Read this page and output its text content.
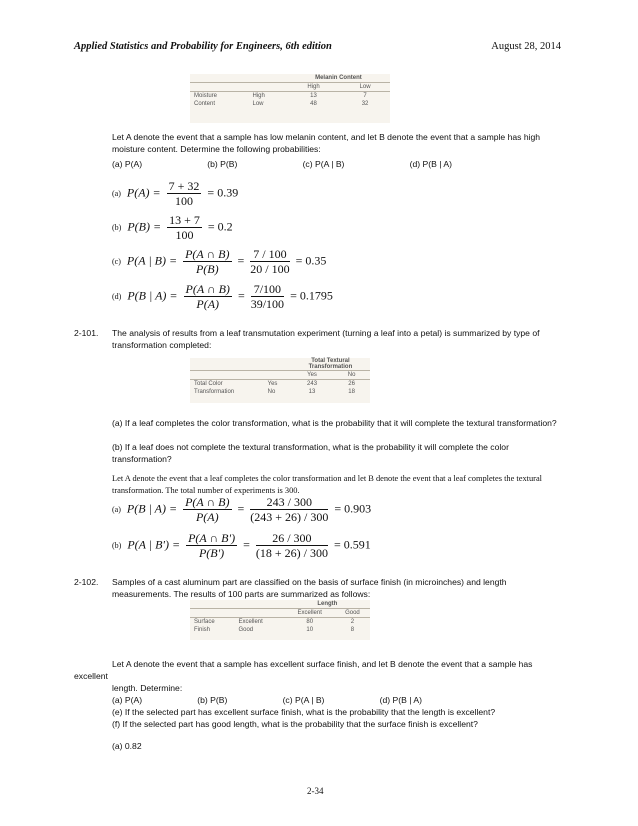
Applied Statistics and Probability for Engineers, 6th edition	August 28, 2014
		Melanin Content	
		High	Low
Moisture	High	13	7
Content	Low	48	32
Let A denote the event that a sample has low melanin content, and let B denote the event that a sample has high moisture content. Determine the following probabilities:
(a) P(A)	(b) P(B)	(c) P(A | B)	(d) P(B | A)
(a) $P(A) = \frac{7 + 32}{100} = 0.39$
(b) $P(B) = \frac{13 + 7}{100} = 0.2$
(c) P(A | $B) = \frac{P(A \cap B)}{P(B)} = \frac{7 / 100}{20 / 100} = 0.35$
(d) P(B | $A) = \frac{P(A \cap B)}{P(A)} = \frac{7/100}{39/100} = 0.1795$
2-101. The analysis of results from a leaf transmutation experiment (turning a leaf into a petal) is summarized by type of transformation completed:
		Total Textural
Transformation	
		Yes	No
Total Color	Yes	243	26
Transformation	No	13	18
(a) If a leaf completes the color transformation, what is the probability that it will complete the textural transformation?
(b) If a leaf does not complete the textural transformation, what is the probability it will complete the color transformation?
Let A denote the event that a leaf completes the color transformation and let B denote the event that a leaf completes the textural transformation. The total number of experiments is 300.
(a) P(B | $A) = \frac{P(A \cap B)}{P(A)} = \frac{243 / 300}{(243 + 26) / 300} = 0.903$
(b) P(A | $B') = \frac{P(A \cap B')}{P(B')} = \frac{26 / 300}{(18 + 26) / 300} = 0.591$
2-102. Samples of a cast aluminum part are classified on the basis of surface finish (in microinches) and length measurements. The results of 100 parts are summarized as follows:
		Length	
		Excellent	Good
Surface	Excellent	80	2
Finish	Good	10	8
Let A denote the event that a sample has excellent surface finish, and let B denote the event that a sample has excellent
length. Determine:
(a) P(A)	(b) P(B)	(c) P(A | B)	(d) P(B | A)
(e) If the selected part has excellent surface finish, what is the probability that the length is excellent?
(f) If the selected part has good length, what is the probability that the surface finish is excellent?
(a) 0.82
2-34
